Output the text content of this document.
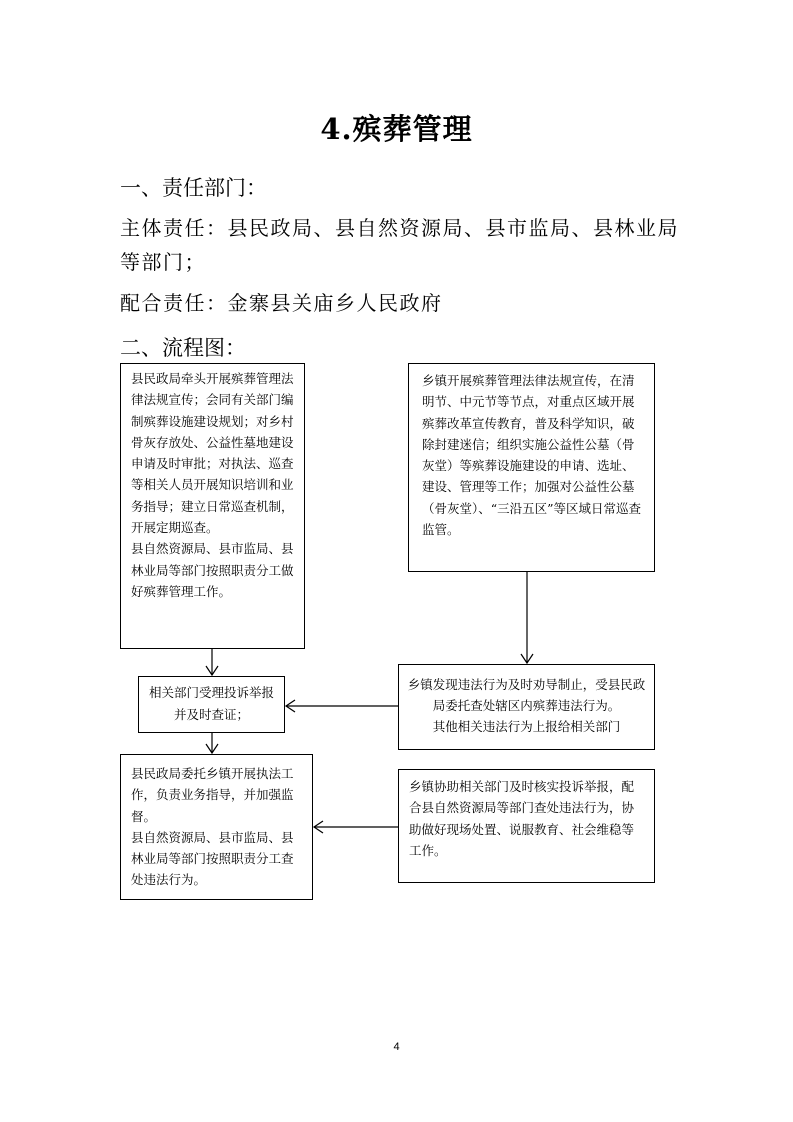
4.殡葬管理
一、责任部门：
主体责任：县民政局、县自然资源局、县市监局、县林业局等部门；
配合责任：金寨县关庙乡人民政府
二、流程图：
县民政局牵头开展殡葬管理法律法规宣传；会同有关部门编制殡葬设施建设规划；对乡村骨灰存放处、公益性墓地建设申请及时审批；对执法、巡查等相关人员开展知识培训和业务指导；建立日常巡查机制，开展定期巡查。
县自然资源局、县市监局、县林业局等部门按照职责分工做好殡葬管理工作。
乡镇开展殡葬管理法律法规宣传，在清明节、中元节等节点，对重点区域开展殡葬改革宣传教育，普及科学知识，破除封建迷信；组织实施公益性公墓（骨灰堂）等殡葬设施建设的申请、选址、建设、管理等工作；加强对公益性公墓（骨灰堂）、“三沿五区”等区域日常巡查监管。
相关部门受理投诉举报并及时查证；
乡镇发现违法行为及时劝导制止，受县民政局委托查处辖区内殡葬违法行为。
其他相关违法行为上报给相关部门
县民政局委托乡镇开展执法工作，负责业务指导，并加强监督。
县自然资源局、县市监局、县林业局等部门按照职责分工查处违法行为。
乡镇协助相关部门及时核实投诉举报，配合县自然资源局等部门查处违法行为，协助做好现场处置、说服教育、社会维稳等工作。
4
